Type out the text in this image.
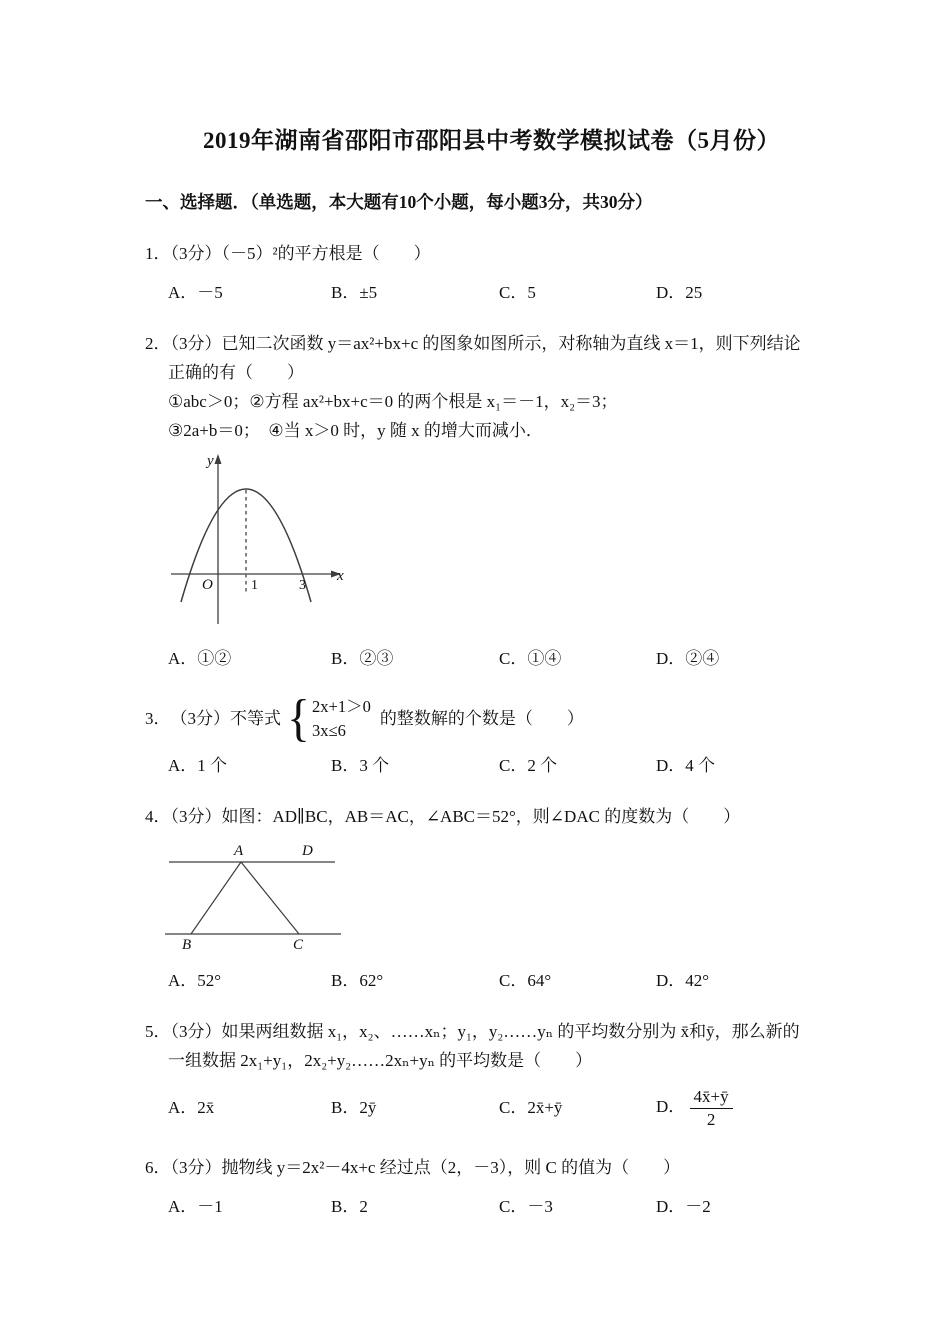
2019年湖南省邵阳市邵阳县中考数学模拟试卷（5月份）
一、选择题．（单选题，本大题有10个小题，每小题3分，共30分）
1．（3分）（－5）²的平方根是（　　）
A．－5	B．±5	C．5	D．25
2．（3分）已知二次函数 y＝ax²+bx+c 的图象如图所示，对称轴为直线 x＝1，则下列结论
正确的有（　　）
①abc＞0；②方程 ax²+bx+c＝0 的两个根是 x₁＝－1，x₂＝3；
③2a+b＝0；　④当 x＞0 时，y 随 x 的增大而减小．
y
x
O	1	3
A．①②	B．②③	C．①④	D．②④
3． （3分）不等式 { 2x+1＞0
3x≤6
的整数解的个数是（　　）
A．1 个	B．3 个	C．2 个	D．4 个
4．（3分）如图：AD∥BC，AB＝AC，∠ABC＝52°，则∠DAC 的度数为（　　）
A	D
B	C
A．52°	B．62°	C．64°	D．42°
5．（3分）如果两组数据 x₁，x₂、……xₙ；y₁，y₂……yₙ 的平均数分别为 x̄和ȳ，那么新的
一组数据 2x₁+y₁，2x₂+y₂……2xₙ+yₙ 的平均数是（　　）
A．2x̄	B．2ȳ	C．2x̄+ȳ	D． $\frac{4x̄+ȳ}{2}$
6．（3分）抛物线 y＝2x²－4x+c 经过点（2，－3），则 C 的值为（　　）
A．－1	B．2	C．－3	D．－2
